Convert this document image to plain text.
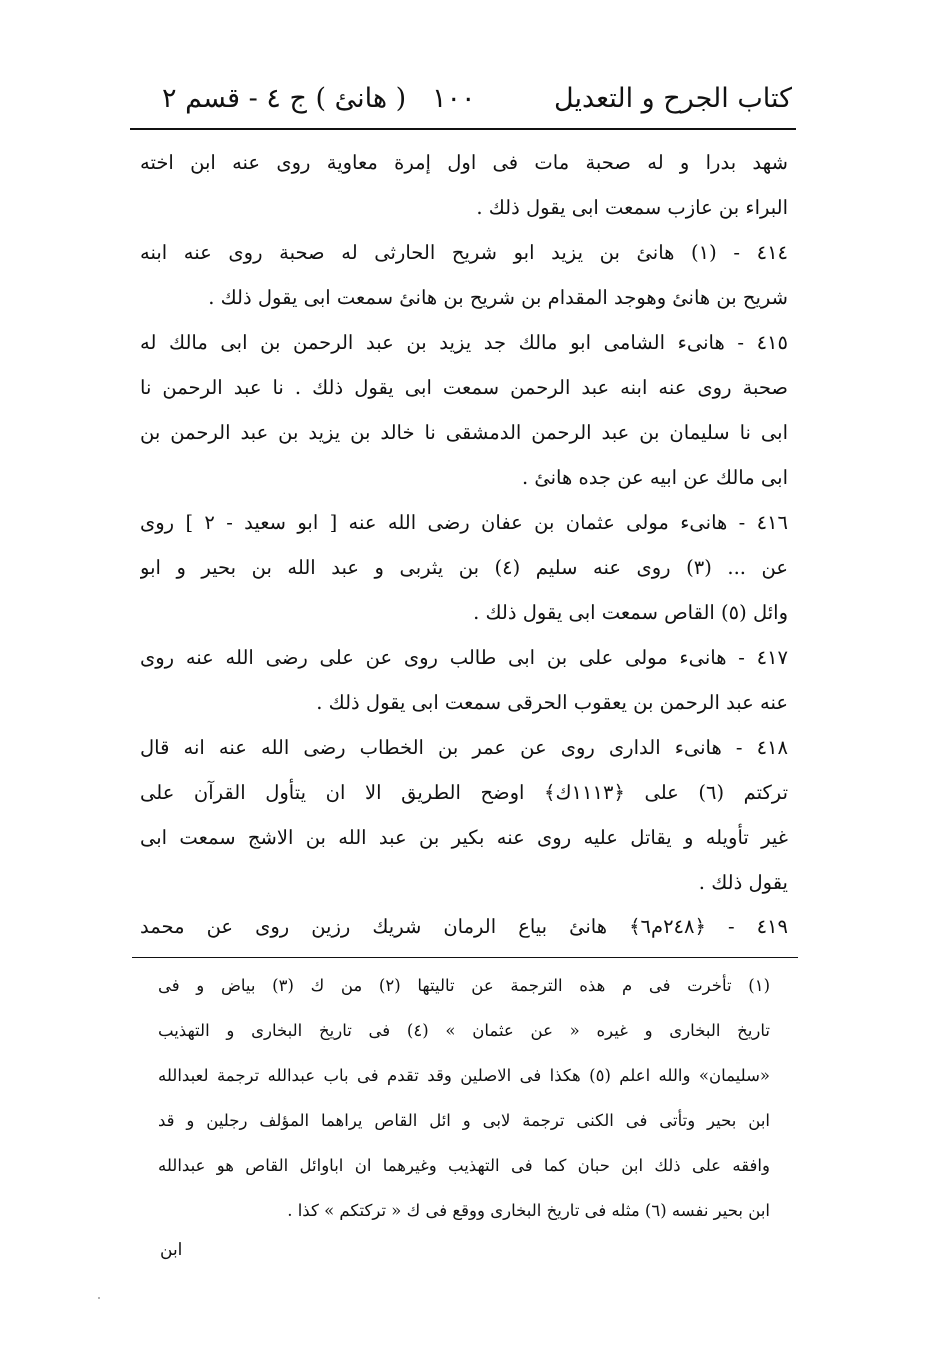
كتاب الجرح و التعديل
١٠٠
( هانئ ) ج ٤ - قسم ٢
شهد بدرا و له صحبة مات فى اول إمرة معاوية روى عنه ابن اخته
البراء بن عازب سمعت ابى يقول ذلك .
٤١٤ - (١) هانئ بن يزيد ابو شريح الحارثى له صحبة روى عنه ابنه
شريح بن هانئ وهوجد المقدام بن شريح بن هانئ سمعت ابى يقول ذلك .
٤١٥ - هانىء الشامى ابو مالك جد يزيد بن عبد الرحمن بن ابى مالك له
صحبة روى عنه ابنه عبد الرحمن سمعت ابى يقول ذلك . نا عبد الرحمن نا
ابى نا سليمان بن عبد الرحمن الدمشقى نا خالد بن يزيد بن عبد الرحمن بن
ابى مالك عن ابيه عن جده هانئ .
٤١٦ - هانىء مولى عثمان بن عفان رضى الله عنه [ ابو سعيد - ٢ ] روى
عن ... (٣) روى عنه سليم (٤) بن يثربى و عبد الله بن بحير و ابو
وائل (٥) القاص سمعت ابى يقول ذلك .
٤١٧ - هانىء مولى على بن ابى طالب روى عن على رضى الله عنه روى
عنه عبد الرحمن بن يعقوب الحرقى سمعت ابى يقول ذلك .
٤١٨ - هانىء الدارى روى عن عمر بن الخطاب رضى الله عنه انه قال
تركتم (٦) على ﴿١١١٣ك﴾ اوضح الطريق الا ان يتأول القرآن على
غير تأويله و يقاتل عليه روى عنه بكير بن عبد الله بن الاشج سمعت ابى
يقول ذلك .
٤١٩ - ﴿٢٤٨م٦﴾ هانئ بياع الرمان شريك رزين روى عن محمد
(١) تأخرت فى م هذه الترجمة عن تاليتها (٢) من ك (٣) بياض و فى
تاريخ البخارى و غيره « عن عثمان » (٤) فى تاريخ البخارى و التهذيب
«سليمان» والله اعلم (٥) هكذا فى الاصلين وقد تقدم فى باب عبدالله ترجمة لعبدالله
ابن بحير وتأتى فى الكنى ترجمة لابى و ائل القاص يراهما المؤلف رجلين و قد
وافقه على ذلك ابن حبان كما فى التهذيب وغيرهما ان اباوائل القاص هو عبدالله
ابن بحير نفسه (٦) مثله فى تاريخ البخارى ووقع فى ك « تركتكم » كذا .
ابن
